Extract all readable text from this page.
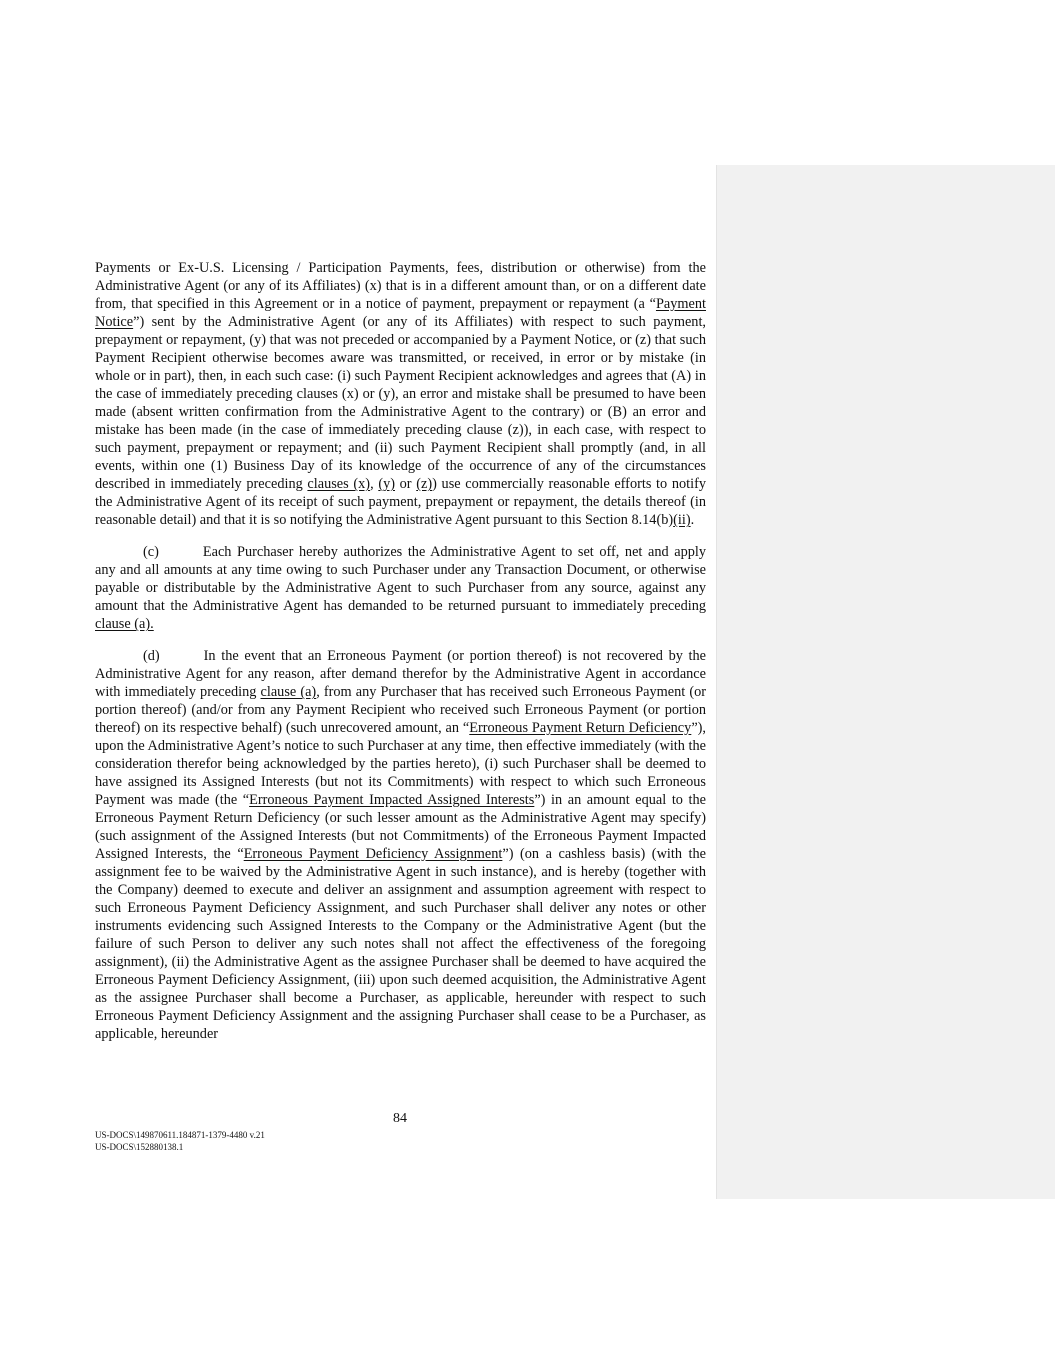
Payments or Ex-U.S. Licensing / Participation Payments, fees, distribution or otherwise) from the Administrative Agent (or any of its Affiliates) (x) that is in a different amount than, or on a different date from, that specified in this Agreement or in a notice of payment, prepayment or repayment (a “Payment Notice”) sent by the Administrative Agent (or any of its Affiliates) with respect to such payment, prepayment or repayment, (y) that was not preceded or accompanied by a Payment Notice, or (z) that such Payment Recipient otherwise becomes aware was transmitted, or received, in error or by mistake (in whole or in part), then, in each such case: (i) such Payment Recipient acknowledges and agrees that (A) in the case of immediately preceding clauses (x) or (y), an error and mistake shall be presumed to have been made (absent written confirmation from the Administrative Agent to the contrary) or (B) an error and mistake has been made (in the case of immediately preceding clause (z)), in each case, with respect to such payment, prepayment or repayment; and (ii) such Payment Recipient shall promptly (and, in all events, within one (1) Business Day of its knowledge of the occurrence of any of the circumstances described in immediately preceding clauses (x), (y) or (z)) use commercially reasonable efforts to notify the Administrative Agent of its receipt of such payment, prepayment or repayment, the details thereof (in reasonable detail) and that it is so notifying the Administrative Agent pursuant to this Section 8.14(b)(ii).

(c)	Each Purchaser hereby authorizes the Administrative Agent to set off, net and apply any and all amounts at any time owing to such Purchaser under any Transaction Document, or otherwise payable or distributable by the Administrative Agent to such Purchaser from any source, against any amount that the Administrative Agent has demanded to be returned pursuant to immediately preceding clause (a).

(d)	In the event that an Erroneous Payment (or portion thereof) is not recovered by the Administrative Agent for any reason, after demand therefor by the Administrative Agent in accordance with immediately preceding clause (a), from any Purchaser that has received such Erroneous Payment (or portion thereof) (and/or from any Payment Recipient who received such Erroneous Payment (or portion thereof) on its respective behalf) (such unrecovered amount, an “Erroneous Payment Return Deficiency”), upon the Administrative Agent’s notice to such Purchaser at any time, then effective immediately (with the consideration therefor being acknowledged by the parties hereto), (i) such Purchaser shall be deemed to have assigned its Assigned Interests (but not its Commitments) with respect to which such Erroneous Payment was made (the “Erroneous Payment Impacted Assigned Interests”) in an amount equal to the Erroneous Payment Return Deficiency (or such lesser amount as the Administrative Agent may specify) (such assignment of the Assigned Interests (but not Commitments) of the Erroneous Payment Impacted Assigned Interests, the “Erroneous Payment Deficiency Assignment”) (on a cashless basis) (with the assignment fee to be waived by the Administrative Agent in such instance), and is hereby (together with the Company) deemed to execute and deliver an assignment and assumption agreement with respect to such Erroneous Payment Deficiency Assignment, and such Purchaser shall deliver any notes or other instruments evidencing such Assigned Interests to the Company or the Administrative Agent (but the failure of such Person to deliver any such notes shall not affect the effectiveness of the foregoing assignment), (ii) the Administrative Agent as the assignee Purchaser shall be deemed to have acquired the Erroneous Payment Deficiency Assignment, (iii) upon such deemed acquisition, the Administrative Agent as the assignee Purchaser shall become a Purchaser, as applicable, hereunder with respect to such Erroneous Payment Deficiency Assignment and the assigning Purchaser shall cease to be a Purchaser, as applicable, hereunder

84
US-DOCS\149870611.184871-1379-4480 v.21
US-DOCS\152880138.1
